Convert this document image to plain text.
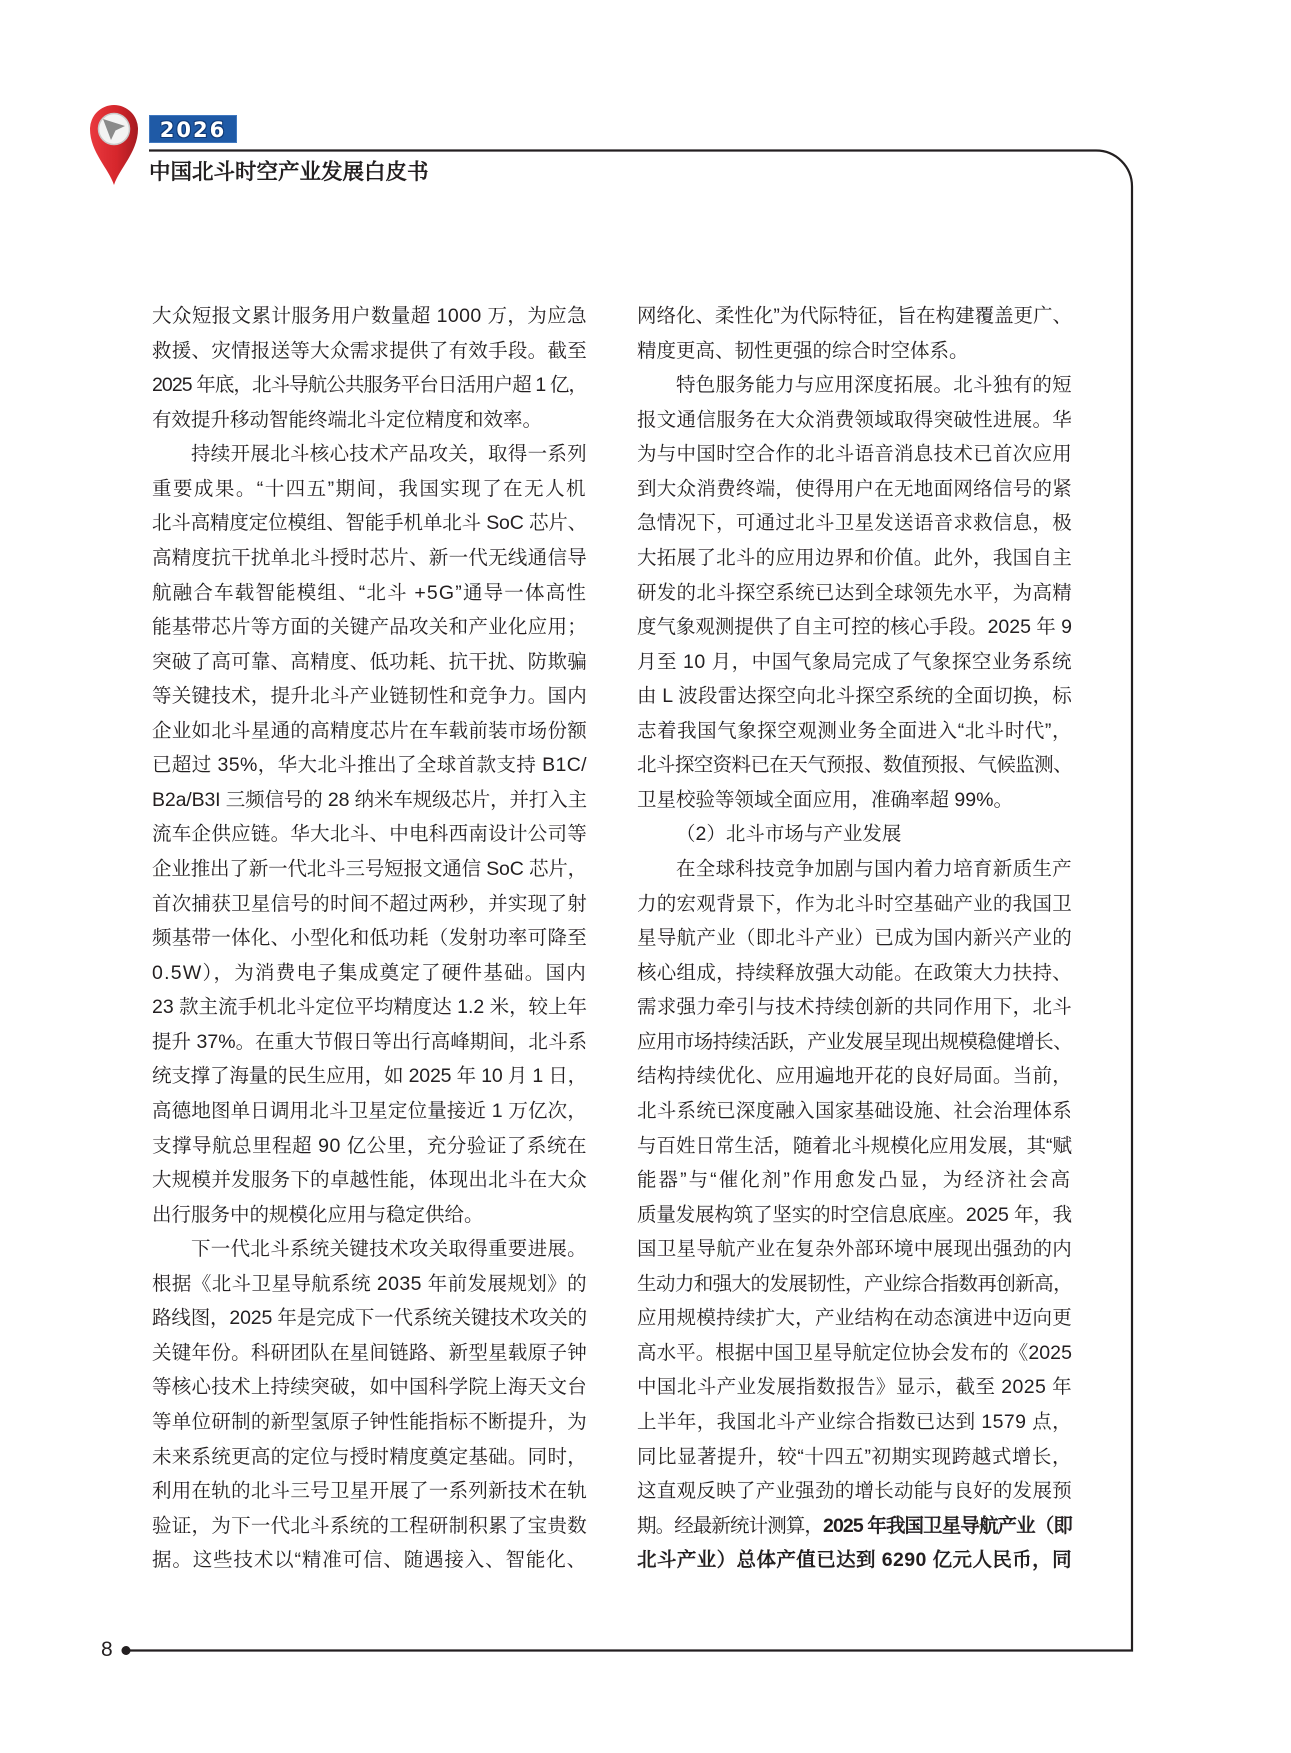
2026
中国北斗时空产业发展白皮书
大众短报文累计服务用户数量超 1000 万，为应急
救援、灾情报送等大众需求提供了有效手段。截至
2025 年底，北斗导航公共服务平台日活用户超 1 亿，
有效提升移动智能终端北斗定位精度和效率。
持续开展北斗核心技术产品攻关，取得一系列
重要成果。“十四五”期间，我国实现了在无人机
北斗高精度定位模组、智能手机单北斗 SoC 芯片、
高精度抗干扰单北斗授时芯片、新一代无线通信导
航融合车载智能模组、“北斗 +5G”通导一体高性
能基带芯片等方面的关键产品攻关和产业化应用；
突破了高可靠、高精度、低功耗、抗干扰、防欺骗
等关键技术，提升北斗产业链韧性和竞争力。国内
企业如北斗星通的高精度芯片在车载前装市场份额
已超过 35%，华大北斗推出了全球首款支持 B1C/
B2a/B3I 三频信号的 28 纳米车规级芯片，并打入主
流车企供应链。华大北斗、中电科西南设计公司等
企业推出了新一代北斗三号短报文通信 SoC 芯片，
首次捕获卫星信号的时间不超过两秒，并实现了射
频基带一体化、小型化和低功耗（发射功率可降至
0.5W），为消费电子集成奠定了硬件基础。国内
23 款主流手机北斗定位平均精度达 1.2 米，较上年
提升 37%。在重大节假日等出行高峰期间，北斗系
统支撑了海量的民生应用，如 2025 年 10 月 1 日，
高德地图单日调用北斗卫星定位量接近 1 万亿次，
支撑导航总里程超 90 亿公里，充分验证了系统在
大规模并发服务下的卓越性能，体现出北斗在大众
出行服务中的规模化应用与稳定供给。
下一代北斗系统关键技术攻关取得重要进展。
根据《北斗卫星导航系统 2035 年前发展规划》的
路线图，2025 年是完成下一代系统关键技术攻关的
关键年份。科研团队在星间链路、新型星载原子钟
等核心技术上持续突破，如中国科学院上海天文台
等单位研制的新型氢原子钟性能指标不断提升，为
未来系统更高的定位与授时精度奠定基础。同时，
利用在轨的北斗三号卫星开展了一系列新技术在轨
验证，为下一代北斗系统的工程研制积累了宝贵数
据。这些技术以“精准可信、随遇接入、智能化、
网络化、柔性化”为代际特征，旨在构建覆盖更广、
精度更高、韧性更强的综合时空体系。
特色服务能力与应用深度拓展。北斗独有的短
报文通信服务在大众消费领域取得突破性进展。华
为与中国时空合作的北斗语音消息技术已首次应用
到大众消费终端，使得用户在无地面网络信号的紧
急情况下，可通过北斗卫星发送语音求救信息，极
大拓展了北斗的应用边界和价值。此外，我国自主
研发的北斗探空系统已达到全球领先水平，为高精
度气象观测提供了自主可控的核心手段。2025 年 9
月至 10 月，中国气象局完成了气象探空业务系统
由 L 波段雷达探空向北斗探空系统的全面切换，标
志着我国气象探空观测业务全面进入“北斗时代”，
北斗探空资料已在天气预报、数值预报、气候监测、
卫星校验等领域全面应用，准确率超 99%。
（2）北斗市场与产业发展
在全球科技竞争加剧与国内着力培育新质生产
力的宏观背景下，作为北斗时空基础产业的我国卫
星导航产业（即北斗产业）已成为国内新兴产业的
核心组成，持续释放强大动能。在政策大力扶持、
需求强力牵引与技术持续创新的共同作用下，北斗
应用市场持续活跃，产业发展呈现出规模稳健增长、
结构持续优化、应用遍地开花的良好局面。当前，
北斗系统已深度融入国家基础设施、社会治理体系
与百姓日常生活，随着北斗规模化应用发展，其“赋
能器”与“催化剂”作用愈发凸显，为经济社会高
质量发展构筑了坚实的时空信息底座。2025 年，我
国卫星导航产业在复杂外部环境中展现出强劲的内
生动力和强大的发展韧性，产业综合指数再创新高，
应用规模持续扩大，产业结构在动态演进中迈向更
高水平。根据中国卫星导航定位协会发布的《2025
中国北斗产业发展指数报告》显示，截至 2025 年
上半年，我国北斗产业综合指数已达到 1579 点，
同比显著提升，较“十四五”初期实现跨越式增长，
这直观反映了产业强劲的增长动能与良好的发展预
期。经最新统计测算，2025 年我国卫星导航产业（即
北斗产业）总体产值已达到 6290 亿元人民币，同
8
